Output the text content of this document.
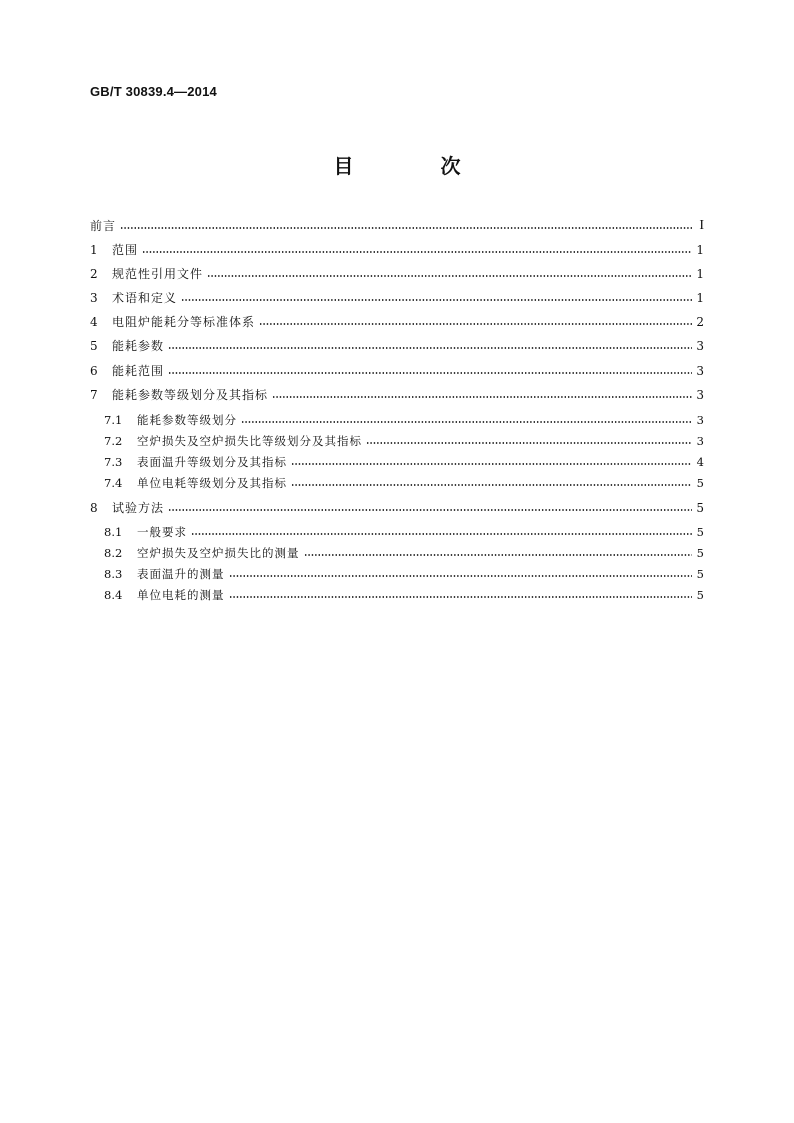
GB/T 30839.4—2014
目 次
前言	I
1	范围	1
2	规范性引用文件	1
3	术语和定义	1
4	电阻炉能耗分等标准体系	2
5	能耗参数	3
6	能耗范围	3
7	能耗参数等级划分及其指标	3
7.1	能耗参数等级划分	3
7.2	空炉损失及空炉损失比等级划分及其指标	3
7.3	表面温升等级划分及其指标	4
7.4	单位电耗等级划分及其指标	5
8	试验方法	5
8.1	一般要求	5
8.2	空炉损失及空炉损失比的测量	5
8.3	表面温升的测量	5
8.4	单位电耗的测量	5
